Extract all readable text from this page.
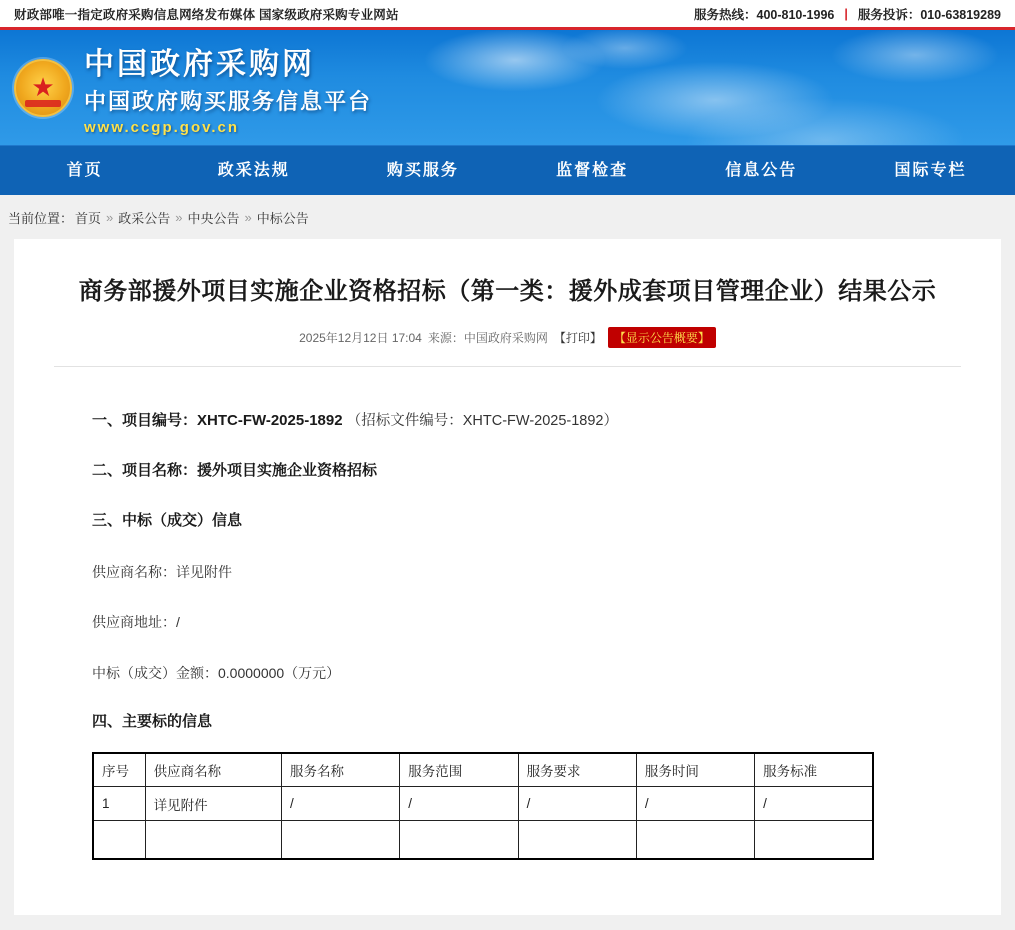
财政部唯一指定政府采购信息网络发布媒体 国家级政府采购专业网站	服务热线：400-810-1996 | 服务投诉：010-63819289
★
中国政府采购网
中国政府购买服务信息平台
www.ccgp.gov.cn
首页	政采法规	购买服务	监督检查	信息公告	国际专栏
当前位置： 首页 » 政采公告 » 中央公告 » 中标公告
商务部援外项目实施企业资格招标（第一类：援外成套项目管理企业）结果公示
2025年12月12日 17:04 来源：中国政府采购网 【打印】	【显示公告概要】
一、项目编号：XHTC-FW-2025-1892 （招标文件编号：XHTC-FW-2025-1892）
二、项目名称：援外项目实施企业资格招标
三、中标（成交）信息
供应商名称：详见附件
供应商地址：/
中标（成交）金额：0.0000000（万元）
四、主要标的信息
序号	供应商名称	服务名称	服务范围	服务要求	服务时间	服务标准
1	详见附件	/	/	/	/	/
